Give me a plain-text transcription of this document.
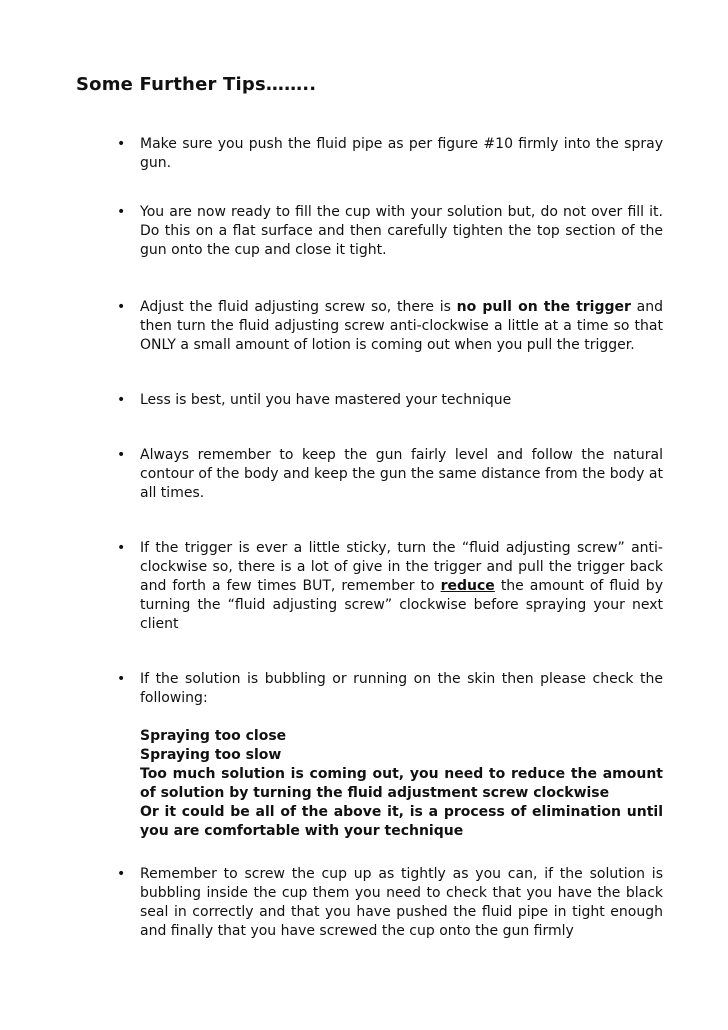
Some Further Tips……..
• Make sure you push the fluid pipe as per figure #10 firmly into the spray gun.

• You are now ready to fill the cup with your solution but, do not over fill it. Do this on a flat surface and then carefully tighten the top section of the gun onto the cup and close it tight.

• Adjust the fluid adjusting screw so, there is no pull on the trigger and then turn the fluid adjusting screw anti-clockwise a little at a time so that ONLY a small amount of lotion is coming out when you pull the trigger.

• Less is best, until you have mastered your technique

• Always remember to keep the gun fairly level and follow the natural contour of the body and keep the gun the same distance from the body at all times.

• If the trigger is ever a little sticky, turn the “fluid adjusting screw” anti-clockwise so, there is a lot of give in the trigger and pull the trigger back and forth a few times BUT, remember to reduce the amount of fluid by turning the “fluid adjusting screw” clockwise before spraying your next client

• If the solution is bubbling or running on the skin then please check the following:

Spraying too close
Spraying too slow
Too much solution is coming out, you need to reduce the amount of solution by turning the fluid adjustment screw clockwise

Or it could be all of the above it, is a process of elimination until you are comfortable with your technique

• Remember to screw the cup up as tightly as you can, if the solution is bubbling inside the cup them you need to check that you have the black seal in correctly and that you have pushed the fluid pipe in tight enough and finally that you have screwed the cup onto the gun firmly
